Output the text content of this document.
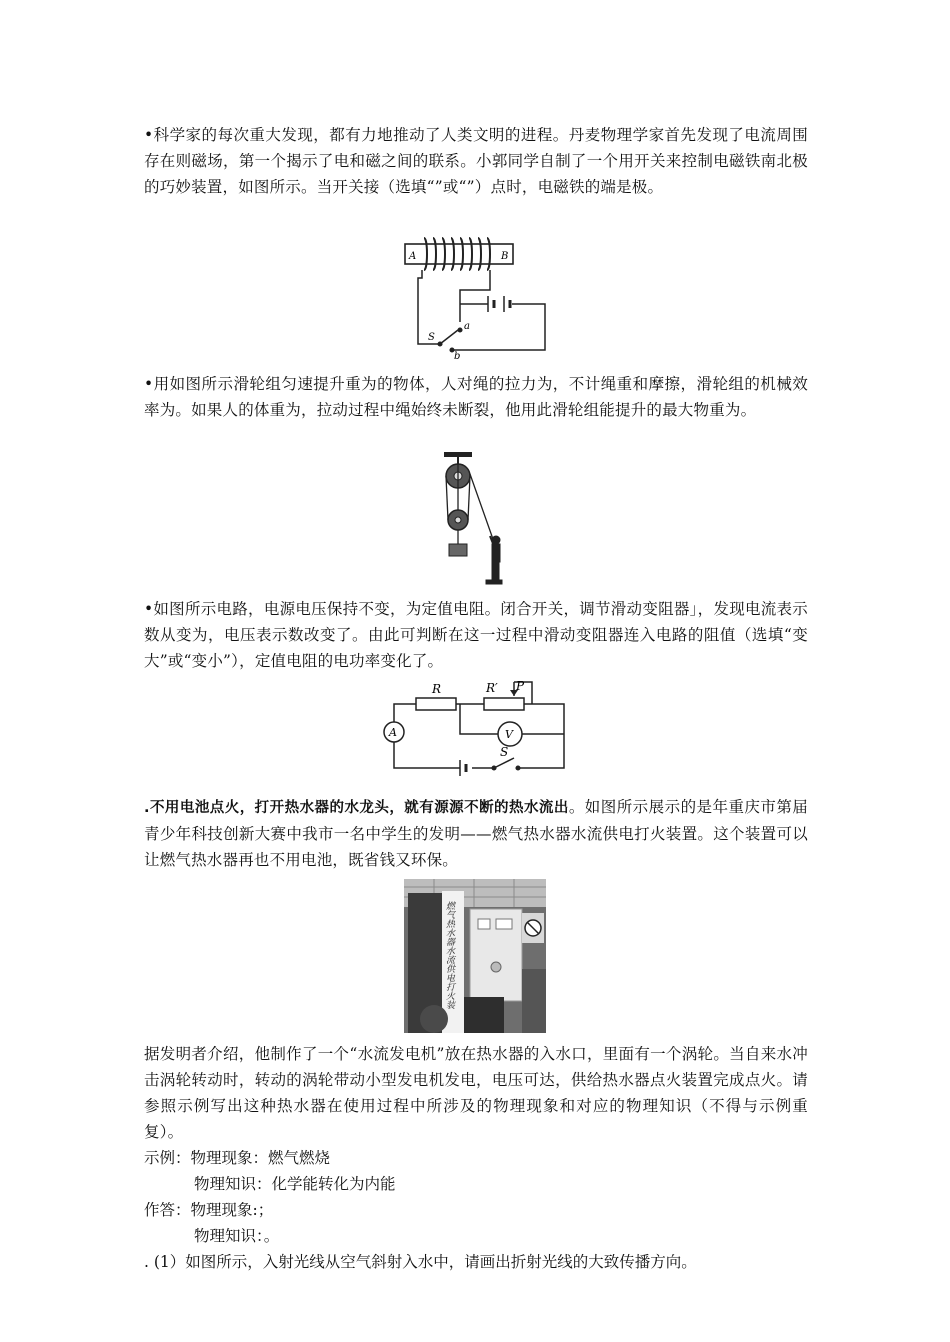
•科学家的每次重大发现，都有力地推动了人类文明的进程。丹麦物理学家首先发现了电流周围存在则磁场，第一个揭示了电和磁之间的联系。小郭同学自制了一个用开关来控制电磁铁南北极的巧妙装置，如图所示。当开关接（选填“”或“”）点时，电磁铁的端是极。

A	B
S
a
b

•用如图所示滑轮组匀速提升重为的物体，人对绳的拉力为，不计绳重和摩擦，滑轮组的机械效率为。如果人的体重为，拉动过程中绳始终未断裂，他用此滑轮组能提升的最大物重为。

•如图所示电路，电源电压保持不变，为定值电阻。闭合开关，调节滑动变阻器」，发现电流表示数从变为，电压表示数改变了。由此可判断在这一过程中滑动变阻器连入电路的阻值（选填“变大”或“变小”），定值电阻的电功率变化了。

R	R′ P
A	V
S

.不用电池点火，打开热水器的水龙头，就有源源不断的热水流出。如图所示展示的是年重庆市第届青少年科技创新大赛中我市一名中学生的发明——燃气热水器水流供电打火装置。这个装置可以让燃气热水器再也不用电池，既省钱又环保。

燃气热水器水流供电打火装

据发明者介绍，他制作了一个“水流发电机”放在热水器的入水口，里面有一个涡轮。当自来水冲击涡轮转动时，转动的涡轮带动小型发电机发电，电压可达，供给热水器点火装置完成点火。请参照示例写出这种热水器在使用过程中所涉及的物理现象和对应的物理知识（不得与示例重复）。

示例：物理现象：燃气燃烧

物理知识：化学能转化为内能

作答：物理现象:；

物理知识：。

. (1）如图所示，入射光线从空气斜射入水中，请画出折射光线的大致传播方向。
